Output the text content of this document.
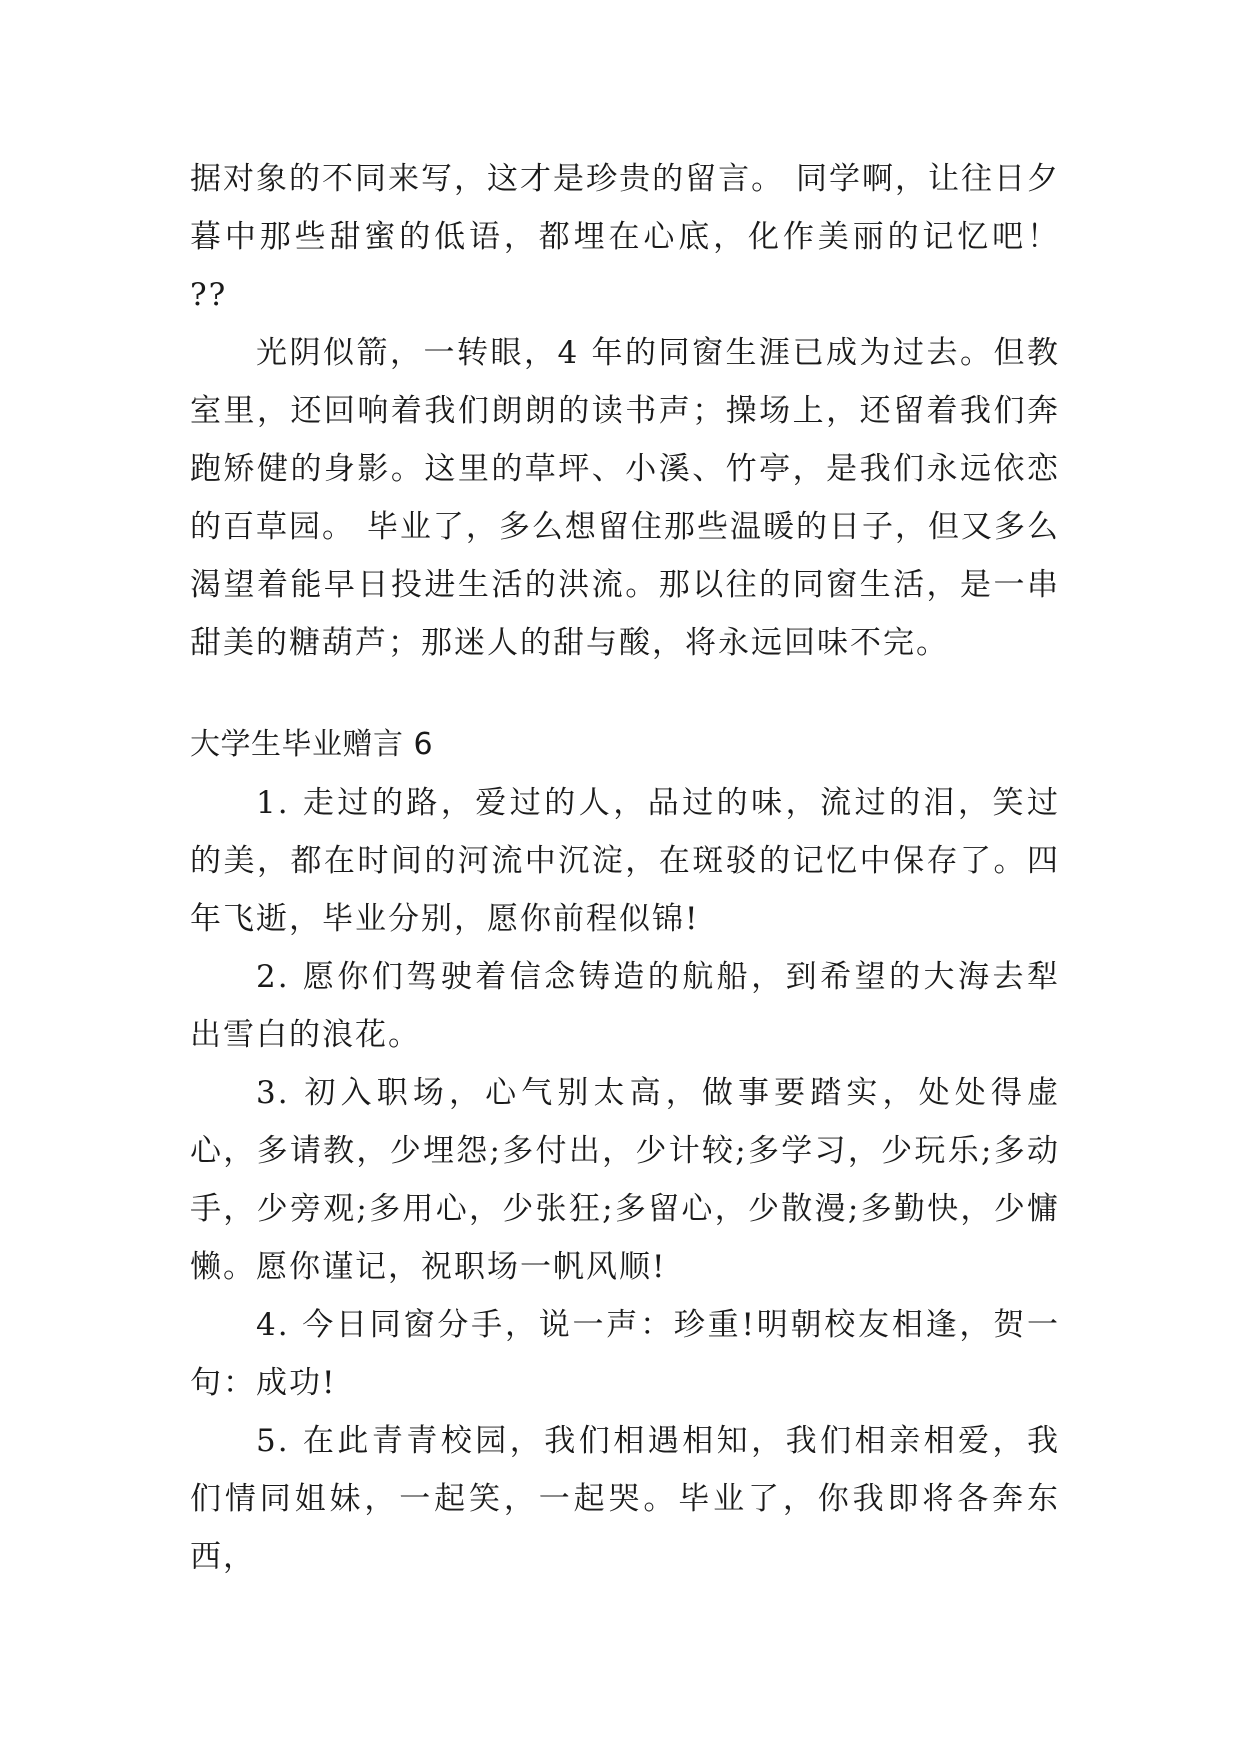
据对象的不同来写，这才是珍贵的留言。 同学啊，让往日夕暮中那些甜蜜的低语，都埋在心底，化作美丽的记忆吧！ ??

光阴似箭，一转眼，4 年的同窗生涯已成为过去。但教室里，还回响着我们朗朗的读书声；操场上，还留着我们奔跑矫健的身影。这里的草坪、小溪、竹亭，是我们永远依恋的百草园。 毕业了，多么想留住那些温暖的日子，但又多么渴望着能早日投进生活的洪流。那以往的同窗生活，是一串甜美的糖葫芦；那迷人的甜与酸，将永远回味不完。

大学生毕业赠言 6

1. 走过的路，爱过的人，品过的味，流过的泪，笑过的美，都在时间的河流中沉淀，在斑驳的记忆中保存了。四年飞逝，毕业分别，愿你前程似锦!

2. 愿你们驾驶着信念铸造的航船，到希望的大海去犁出雪白的浪花。

3. 初入职场，心气别太高，做事要踏实，处处得虚心，多请教，少埋怨;多付出，少计较;多学习，少玩乐;多动手，少旁观;多用心，少张狂;多留心，少散漫;多勤快，少慵懒。愿你谨记，祝职场一帆风顺!

4. 今日同窗分手，说一声：珍重!明朝校友相逢，贺一句：成功!

5. 在此青青校园，我们相遇相知，我们相亲相爱，我们情同姐妹，一起笑，一起哭。毕业了，你我即将各奔东西，
